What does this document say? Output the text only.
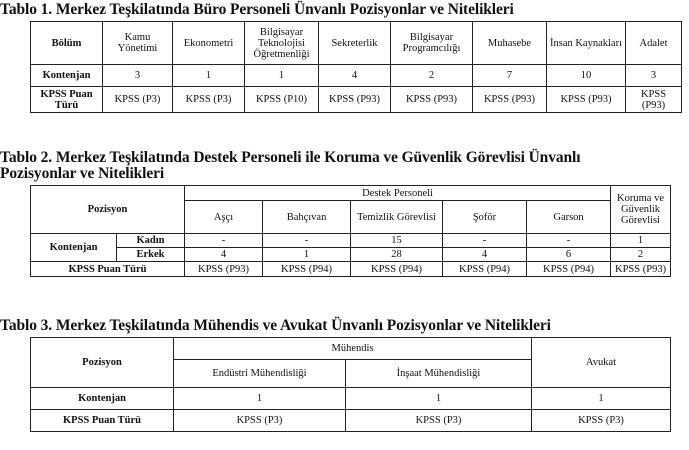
Tablo 1. Merkez Teşkilatında Büro Personeli Ünvanlı Pozisyonlar ve Nitelikleri
Bölüm	Kamu Yönetimi	Ekonometri	Bilgisayar Teknolojisi Öğretmenliği	Sekreterlik	Bilgisayar Programcılığı	Muhasebe	İnsan Kaynakları	Adalet
Kontenjan	3	1	1	4	2	7	10	3
KPSS Puan Türü	KPSS (P3)	KPSS (P3)	KPSS (P10)	KPSS (P93)	KPSS (P93)	KPSS (P93)	KPSS (P93)	KPSS (P93)
Tablo 2. Merkez Teşkilatında Destek Personeli ile Koruma ve Güvenlik Görevlisi Ünvanlı
Pozisyonlar ve Nitelikleri
Pozisyon		Destek Personeli					Koruma ve Güvenlik Görevlisi
		Aşçı	Bahçıvan	Temizlik Görevlisi	Şoför	Garson	
Kontenjan	Kadın	-	-	15	-	-	1
	Erkek	4	1	28	4	6	2
KPSS Puan Türü		KPSS (P93)	KPSS (P94)	KPSS (P94)	KPSS (P94)	KPSS (P94)	KPSS (P93)
Tablo 3. Merkez Teşkilatında Mühendis ve Avukat Ünvanlı Pozisyonlar ve Nitelikleri
Pozisyon	Mühendis		Avukat
	Endüstri Mühendisliği	İnşaat Mühendisliği	
Kontenjan	1	1	1
KPSS Puan Türü	KPSS (P3)	KPSS (P3)	KPSS (P3)
